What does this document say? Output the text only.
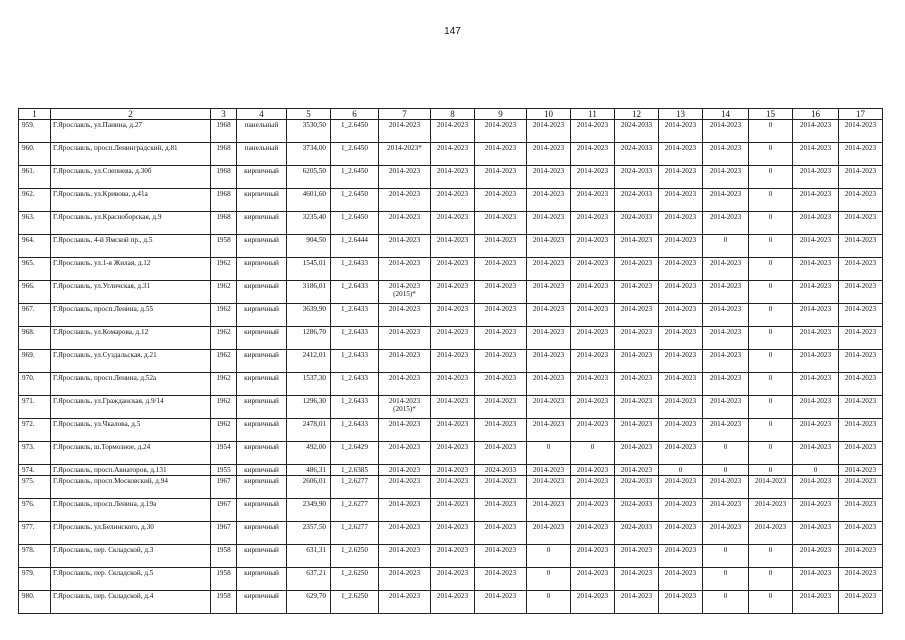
147
1	2	3	4	5	6	7	8	9	10	11	12	13	14	15	16	17
959.	Г.Ярославль, ул.Панина, д.27	1968	панельный	3530,50	1_2.6450	2014-2023	2014-2023	2014-2023	2014-2023	2014-2023	2024-2033	2014-2023	2014-2023	0	2014-2023	2014-2023
960.	Г.Ярославль, просп.Ленинградский, д.81	1968	панельный	3734,00	1_2.6450	2014-2023*	2014-2023	2014-2023	2014-2023	2014-2023	2024-2033	2014-2023	2014-2023	0	2014-2023	2014-2023
961.	Г.Ярославль, ул.Слепнева, д.30б	1968	кирпичный	6205,50	1_2.6450	2014-2023	2014-2023	2014-2023	2014-2023	2014-2023	2024-2033	2014-2023	2014-2023	0	2014-2023	2014-2023
962.	Г.Ярославль, ул.Кривова, д.41а	1968	кирпичный	4601,60	1_2.6450	2014-2023	2014-2023	2014-2023	2014-2023	2014-2023	2024-2033	2014-2023	2014-2023	0	2014-2023	2014-2023
963.	Г.Ярославль, ул.Красноборская, д.9	1968	кирпичный	3235,40	1_2.6450	2014-2023	2014-2023	2014-2023	2014-2023	2014-2023	2024-2033	2014-2023	2014-2023	0	2014-2023	2014-2023
964.	Г.Ярославль, 4-й Ямской пр., д.5	1958	кирпичный	904,50	1_2.6444	2014-2023	2014-2023	2014-2023	2014-2023	2014-2023	2014-2023	2014-2023	0	0	2014-2023	2014-2023
965.	Г.Ярославль, ул.1-я Жилая, д.12	1962	кирпичный	1545,01	1_2.6433	2014-2023	2014-2023	2014-2023	2014-2023	2014-2023	2014-2023	2014-2023	2014-2023	0	2014-2023	2014-2023
966.	Г.Ярославль, ул.Угличская, д.31	1962	кирпичный	3186,01	1_2.6433	2014-2023 (2015)*	2014-2023	2014-2023	2014-2023	2014-2023	2014-2023	2014-2023	2014-2023	0	2014-2023	2014-2023
967.	Г.Ярославль, просп.Ленина, д.55	1962	кирпичный	3639,90	1_2.6433	2014-2023	2014-2023	2014-2023	2014-2023	2014-2023	2014-2023	2014-2023	2014-2023	0	2014-2023	2014-2023
968.	Г.Ярославль, ул.Комарова, д.12	1962	кирпичный	1286,70	1_2.6433	2014-2023	2014-2023	2014-2023	2014-2023	2014-2023	2014-2023	2014-2023	2014-2023	0	2014-2023	2014-2023
969.	Г.Ярославль, ул.Суздальская, д.21	1962	кирпичный	2412,01	1_2.6433	2014-2023	2014-2023	2014-2023	2014-2023	2014-2023	2014-2023	2014-2023	2014-2023	0	2014-2023	2014-2023
970.	Г.Ярославль, просп.Ленина, д.52а	1962	кирпичный	1537,30	1_2.6433	2014-2023	2014-2023	2014-2023	2014-2023	2014-2023	2014-2023	2014-2023	2014-2023	0	2014-2023	2014-2023
971.	Г.Ярославль, ул.Гражданская, д.9/14	1962	кирпичный	1296,30	1_2.6433	2014-2023 (2015)*	2014-2023	2014-2023	2014-2023	2014-2023	2014-2023	2014-2023	2014-2023	0	2014-2023	2014-2023
972.	Г.Ярославль, ул.Чкалова, д.5	1962	кирпичный	2478,01	1_2.6433	2014-2023	2014-2023	2014-2023	2014-2023	2014-2023	2014-2023	2014-2023	2014-2023	0	2014-2023	2014-2023
973.	Г.Ярославль, ш.Тормозное, д.24	1954	кирпичный	492,00	1_2.6429	2014-2023	2014-2023	2014-2023	0	0	2014-2023	2014-2023	0	0	2014-2023	2014-2023
974.	Г.Ярославль, просп.Авиаторов, д.131	1955	кирпичный	486,31	1_2.6385	2014-2023	2014-2023	2024-2033	2014-2023	2014-2023	2014-2023	0	0	0	0	2014-2023
975.	Г.Ярославль, просп.Московский, д.94	1967	кирпичный	2606,01	1_2.6277	2014-2023	2014-2023	2014-2023	2014-2023	2014-2023	2024-2033	2014-2023	2014-2023	2014-2023	2014-2023	2014-2023
976.	Г.Ярославль, просп.Ленина, д.19а	1967	кирпичный	2349,90	1_2.6277	2014-2023	2014-2023	2014-2023	2014-2023	2014-2023	2024-2033	2014-2023	2014-2023	2014-2023	2014-2023	2014-2023
977.	Г.Ярославль, ул.Белинского, д.30	1967	кирпичный	2357,50	1_2.6277	2014-2023	2014-2023	2014-2023	2014-2023	2014-2023	2024-2033	2014-2023	2014-2023	2014-2023	2014-2023	2014-2023
978.	Г.Ярославль, пер. Складской, д.3	1958	кирпичный	631,31	1_2.6250	2014-2023	2014-2023	2014-2023	0	2014-2023	2014-2023	2014-2023	0	0	2014-2023	2014-2023
979.	Г.Ярославль, пер. Складской, д.5	1958	кирпичный	637,21	1_2.6250	2014-2023	2014-2023	2014-2023	0	2014-2023	2014-2023	2014-2023	0	0	2014-2023	2014-2023
980.	Г.Ярославль, пер. Складской, д.4	1958	кирпичный	629,70	1_2.6250	2014-2023	2014-2023	2014-2023	0	2014-2023	2014-2023	2014-2023	0	0	2014-2023	2014-2023
